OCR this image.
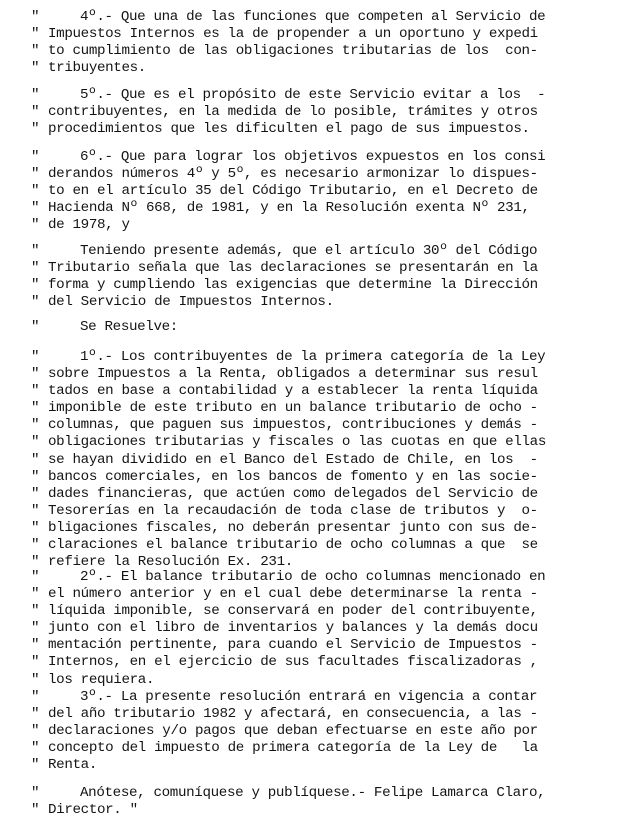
"	4º.- Que una de las funciones que competen al Servicio de
" Impuestos Internos es la de propender a un oportuno y expedi
" to cumplimiento de las obligaciones tributarias de los  con-
" tribuyentes.
"	5º.- Que es el propósito de este Servicio evitar a los  -
" contribuyentes, en la medida de lo posible, trámites y otros
" procedimientos que les dificulten el pago de sus impuestos.
"	6º.- Que para lograr los objetivos expuestos en los consi
" derandos números 4º y 5º, es necesario armonizar lo dispues-
" to en el artículo 35 del Código Tributario, en el Decreto de
" Hacienda Nº 668, de 1981, y en la Resolución exenta Nº 231,
" de 1978, y
"	Teniendo presente además, que el artículo 30º del Código
" Tributario señala que las declaraciones se presentarán en la
" forma y cumpliendo las exigencias que determine la Dirección
" del Servicio de Impuestos Internos.
"	Se Resuelve:
"	1º.- Los contribuyentes de la primera categoría de la Ley
" sobre Impuestos a la Renta, obligados a determinar sus resul
" tados en base a contabilidad y a establecer la renta líquida
" imponible de este tributo en un balance tributario de ocho -
" columnas, que paguen sus impuestos, contribuciones y demás -
" obligaciones tributarias y fiscales o las cuotas en que ellas
" se hayan dividido en el Banco del Estado de Chile, en los  -
" bancos comerciales, en los bancos de fomento y en las socie-
" dades financieras, que actúen como delegados del Servicio de
" Tesorerías en la recaudación de toda clase de tributos y  o-
" bligaciones fiscales, no deberán presentar junto con sus de-
" claraciones el balance tributario de ocho columnas a que  se
" refiere la Resolución Ex. 231.
"	2º.- El balance tributario de ocho columnas mencionado en
" el número anterior y en el cual debe determinarse la renta -
" líquida imponible, se conservará en poder del contribuyente,
" junto con el libro de inventarios y balances y la demás docu
" mentación pertinente, para cuando el Servicio de Impuestos -
" Internos, en el ejercicio de sus facultades fiscalizadoras ,
" los requiera.
"	3º.- La presente resolución entrará en vigencia a contar
" del año tributario 1982 y afectará, en consecuencia, a las -
" declaraciones y/o pagos que deban efectuarse en este año por
" concepto del impuesto de primera categoría de la Ley de   la
" Renta.
"	Anótese, comuníquese y publíquese.- Felipe Lamarca Claro,
" Director. "
